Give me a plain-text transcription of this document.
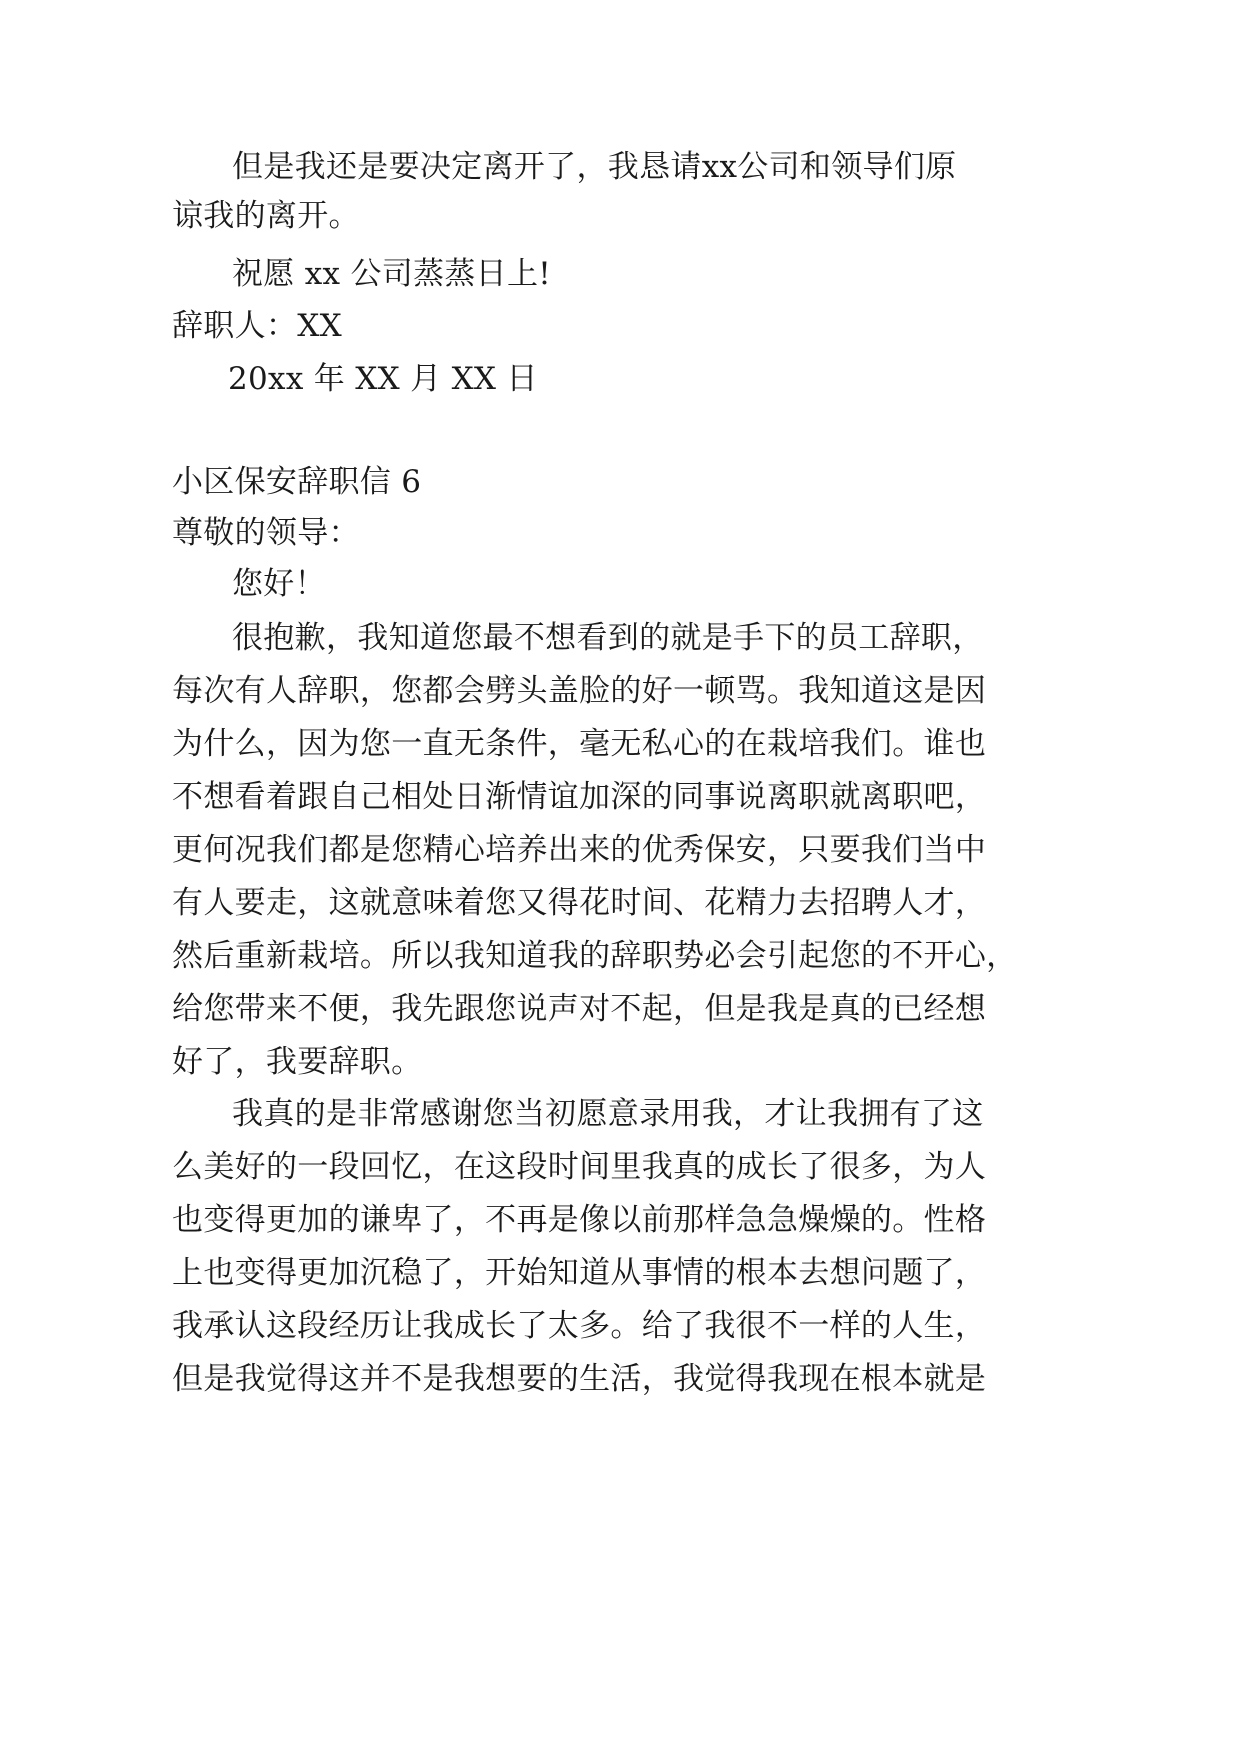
但 是 我 还 是 要 决 定 离 开 了 ， 我 恳 请 xx 公 司 和 领 导 们 原
谅我的离开。
祝愿 xx 公司蒸蒸日上!
辞职人：XX
20xx 年 XX 月 XX 日
小区保安辞职信 6
尊敬的领导：
您好！
很 抱 歉 ， 我 知 道 您 最 不 想 看 到 的 就 是 手 下 的 员 工 辞 职 ，
每 次 有 人 辞 职 ， 您 都 会 劈 头 盖 脸 的 好 一 顿 骂 。 我 知 道 这 是 因
为 什 么 ， 因 为 您 一 直 无 条 件 ， 毫 无 私 心 的 在 栽 培 我 们 。 谁 也
不 想 看 着 跟 自 己 相 处 日 渐 情 谊 加 深 的 同 事 说 离 职 就 离 职 吧 ，
更 何 况 我 们 都 是 您 精 心 培 养 出 来 的 优 秀 保 安 ， 只 要 我 们 当 中
有 人 要 走 ， 这 就 意 味 着 您 又 得 花 时 间 、 花 精 力 去 招 聘 人 才 ，
然 后 重 新 栽 培 。 所 以 我 知 道 我 的 辞 职 势 必 会 引 起 您 的 不 开 心 ，
给 您 带 来 不 便 ， 我 先 跟 您 说 声 对 不 起 ， 但 是 我 是 真 的 已 经 想
好了，我要辞职。
我 真 的 是 非 常 感 谢 您 当 初 愿 意 录 用 我 ， 才 让 我 拥 有 了 这
么 美 好 的 一 段 回 忆 ， 在 这 段 时 间 里 我 真 的 成 长 了 很 多 ， 为 人
也 变 得 更 加 的 谦 卑 了 ， 不 再 是 像 以 前 那 样 急 急 燥 燥 的 。 性 格
上 也 变 得 更 加 沉 稳 了 ， 开 始 知 道 从 事 情 的 根 本 去 想 问 题 了 ，
我 承 认 这 段 经 历 让 我 成 长 了 太 多 。 给 了 我 很 不 一 样 的 人 生 ，
但 是 我 觉 得 这 并 不 是 我 想 要 的 生 活 ， 我 觉 得 我 现 在 根 本 就 是
